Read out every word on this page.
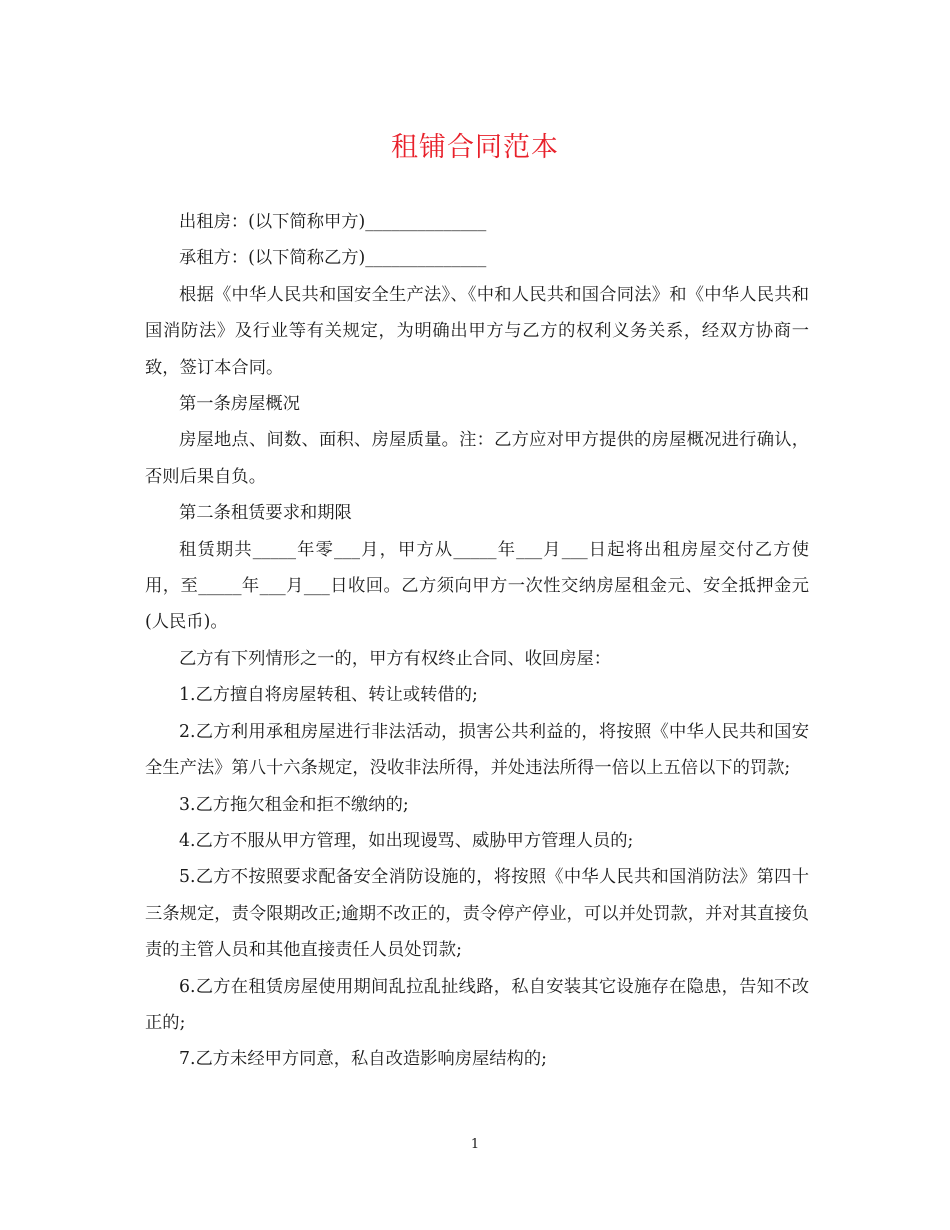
租铺合同范本

出租房：(以下简称甲方)______________

承租方：(以下简称乙方)______________

根据《中华人民共和国安全生产法》、《中和人民共和国合同法》和《中华人民共和国消防法》及行业等有关规定，为明确出甲方与乙方的权利义务关系，经双方协商一致，签订本合同。

第一条房屋概况

房屋地点、间数、面积、房屋质量。注：乙方应对甲方提供的房屋概况进行确认，否则后果自负。

第二条租赁要求和期限

租赁期共_____年零___月，甲方从_____年___月___日起将出租房屋交付乙方使用，至_____年___月___日收回。乙方须向甲方一次性交纳房屋租金元、安全抵押金元(人民币)。

乙方有下列情形之一的，甲方有权终止合同、收回房屋：

1.乙方擅自将房屋转租、转让或转借的;

2.乙方利用承租房屋进行非法活动，损害公共利益的，将按照《中华人民共和国安全生产法》第八十六条规定，没收非法所得，并处违法所得一倍以上五倍以下的罚款;

3.乙方拖欠租金和拒不缴纳的;

4.乙方不服从甲方管理，如出现谩骂、威胁甲方管理人员的;

5.乙方不按照要求配备安全消防设施的，将按照《中华人民共和国消防法》第四十三条规定，责令限期改正;逾期不改正的，责令停产停业，可以并处罚款，并对其直接负责的主管人员和其他直接责任人员处罚款;

6.乙方在租赁房屋使用期间乱拉乱扯线路，私自安装其它设施存在隐患，告知不改正的;

7.乙方未经甲方同意，私自改造影响房屋结构的;

1
